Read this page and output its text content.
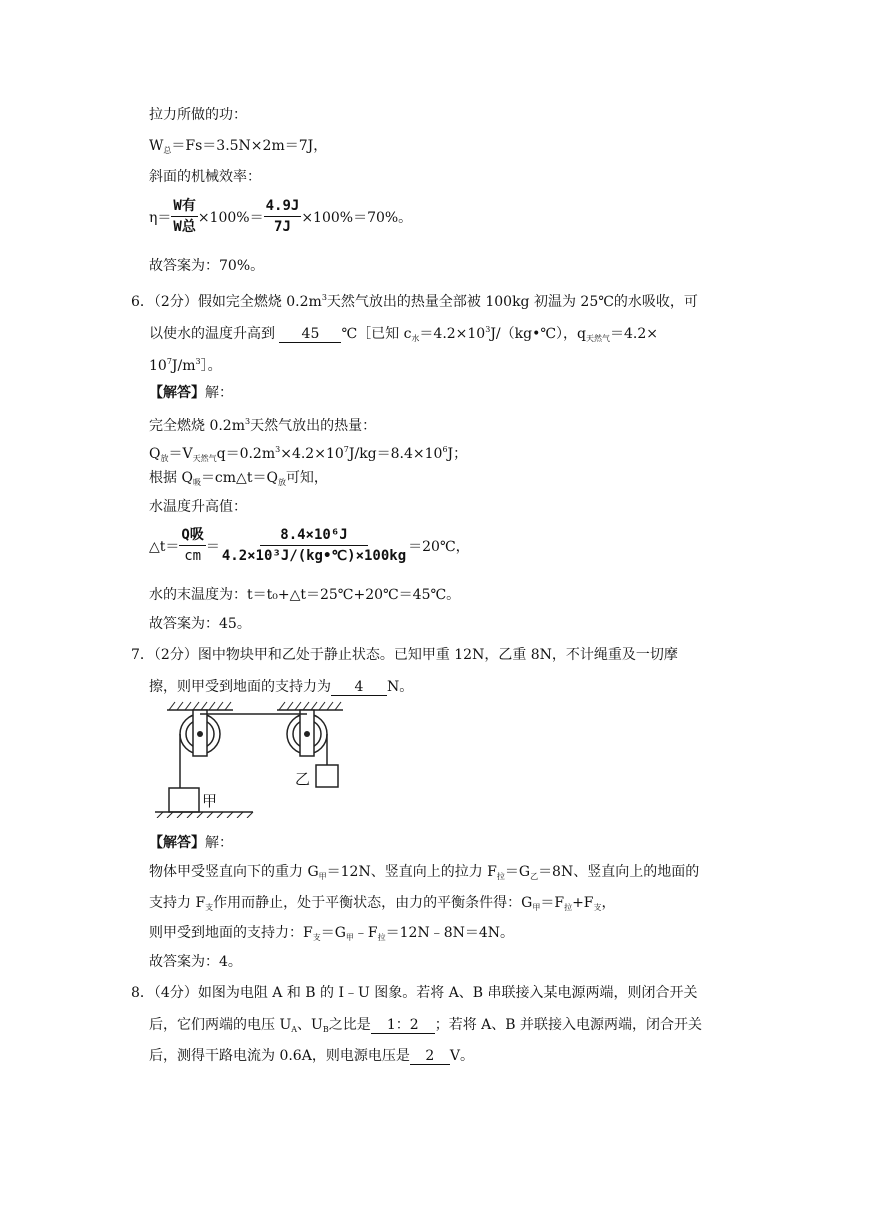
拉力所做的功：
$W_总=Fs=3.5N\times 2m=7J$，
斜面的机械效率：
$\eta= \frac{\text{W有}}{\text{W总}} \times 100\%= \frac{4.9J}{7J} \times 100\%=70\%$。
故答案为：70%。
6．（2分）假如完全燃烧 $0.2m^3$天然气放出的热量全部被 100kg 初温为 25℃的水吸收，可
以使水的温度升高到 45 ℃［已知 $c_水=4.2\times 10^3J/(kg•℃)$，$q_{天然气}=4.2\times$
$10^7J/m^3]$。
【解答】解：
完全燃烧 $0.2m^3$天然气放出的热量：
$Q_放=V_{天然气}q=0.2m^3\times 4.2\times 10^7J/kg=8.4\times 10^6J$；
根据 $Q_吸=cm\triangle t=Q_放$可知，
水温度升高值：
△t＝ $\frac{\text{Q吸}}{cm} = \frac{\text{8.4×10⁶J}}{\text{4.2×10³J/(kg•℃)×100kg}}$ ＝20℃，
水的末温度为：t＝t₀+△t＝25℃+20℃＝45℃。
故答案为：45。
7．（2分）图中物块甲和乙处于静止状态。已知甲重 12N，乙重 8N，不计绳重及一切摩
擦，则甲受到地面的支持力为 4 N。
甲
乙
【解答】解：
物体甲受竖直向下的重力 $G_甲=12N$、竖直向上的拉力 $F_拉=G_乙=8N$、竖直向上的地面的
支持力 $F_支$作用而静止，处于平衡状态，由力的平衡条件得：$G_甲=F_拉+F_支$，
则甲受到地面的支持力：$F_支=G_甲﹣F_拉=12N﹣8N=4N$。
故答案为：4。
8．（4分）如图为电阻 A 和 B 的 I﹣U 图象。若将 A、B 串联接入某电源两端，则闭合开关
后，它们两端的电压 $U_A$、$U_B$之比是 1：2 ；若将 A、B 并联接入电源两端，闭合开关
后，测得干路电流为 0.6A，则电源电压是 2 V。
